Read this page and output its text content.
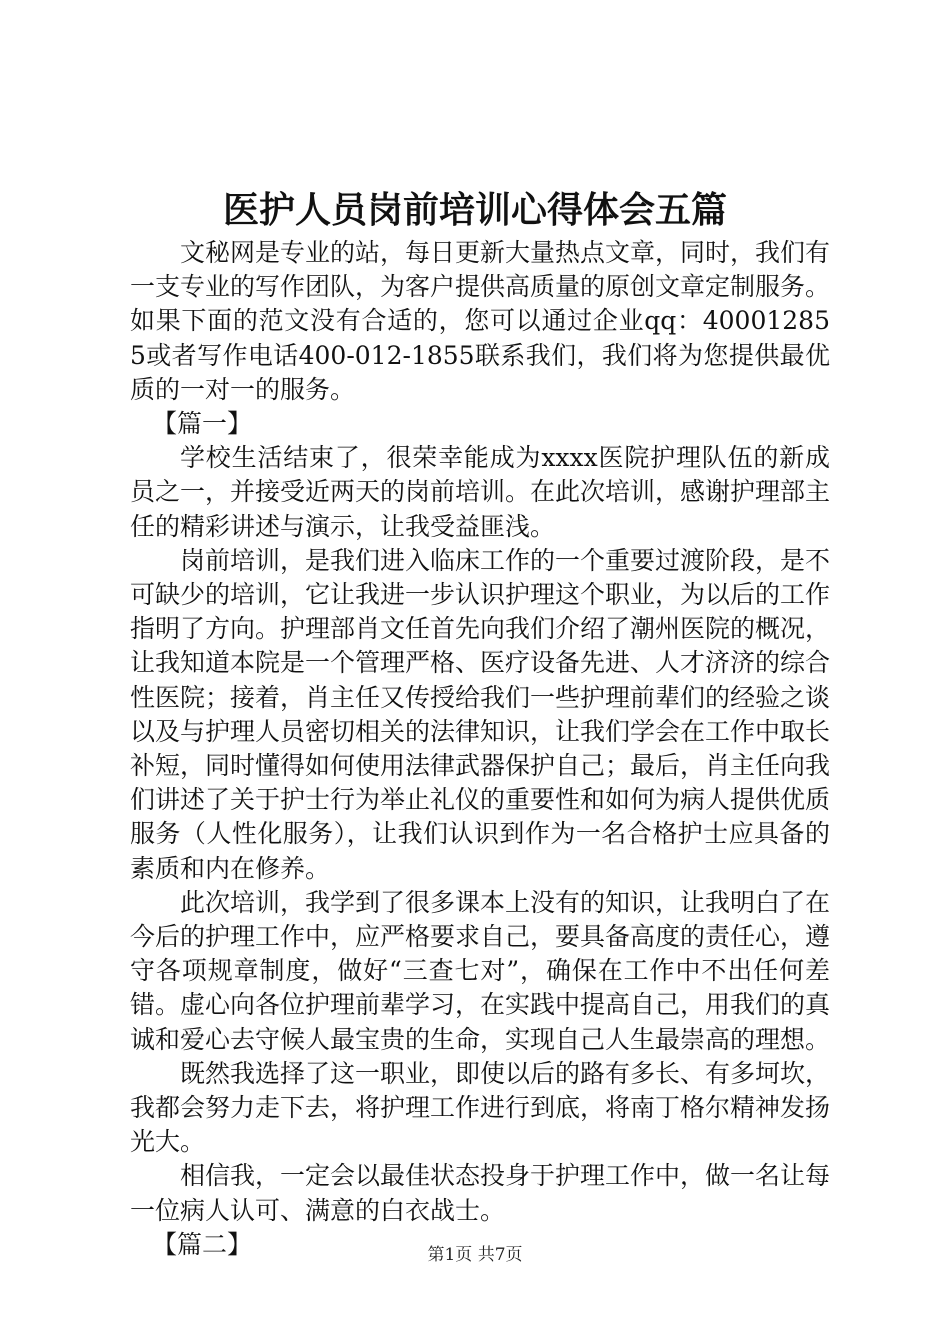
医护人员岗前培训心得体会五篇

文秘网是专业的站，每日更新大量热点文章，同时，我们有一支专业的写作团队，为客户提供高质量的原创文章定制服务。如果下面的范文没有合适的，您可以通过企业qq：400012855或者写作电话400-012-1855联系我们，我们将为您提供最优质的一对一的服务。

【篇一】

学校生活结束了，很荣幸能成为xxxx医院护理队伍的新成员之一，并接受近两天的岗前培训。在此次培训，感谢护理部主任的精彩讲述与演示，让我受益匪浅。

岗前培训，是我们进入临床工作的一个重要过渡阶段，是不可缺少的培训，它让我进一步认识护理这个职业，为以后的工作指明了方向。护理部肖文任首先向我们介绍了潮州医院的概况，让我知道本院是一个管理严格、医疗设备先进、人才济济的综合性医院；接着，肖主任又传授给我们一些护理前辈们的经验之谈以及与护理人员密切相关的法律知识，让我们学会在工作中取长补短，同时懂得如何使用法律武器保护自己；最后，肖主任向我们讲述了关于护士行为举止礼仪的重要性和如何为病人提供优质服务（人性化服务），让我们认识到作为一名合格护士应具备的素质和内在修养。

此次培训，我学到了很多课本上没有的知识，让我明白了在今后的护理工作中，应严格要求自己，要具备高度的责任心，遵守各项规章制度，做好“三查七对”，确保在工作中不出任何差错。虚心向各位护理前辈学习，在实践中提高自己，用我们的真诚和爱心去守候人最宝贵的生命，实现自己人生最崇高的理想。

既然我选择了这一职业，即使以后的路有多长、有多坷坎，我都会努力走下去，将护理工作进行到底，将南丁格尔精神发扬光大。

相信我，一定会以最佳状态投身于护理工作中，做一名让每一位病人认可、满意的白衣战士。

【篇二】	第1页 共7页
